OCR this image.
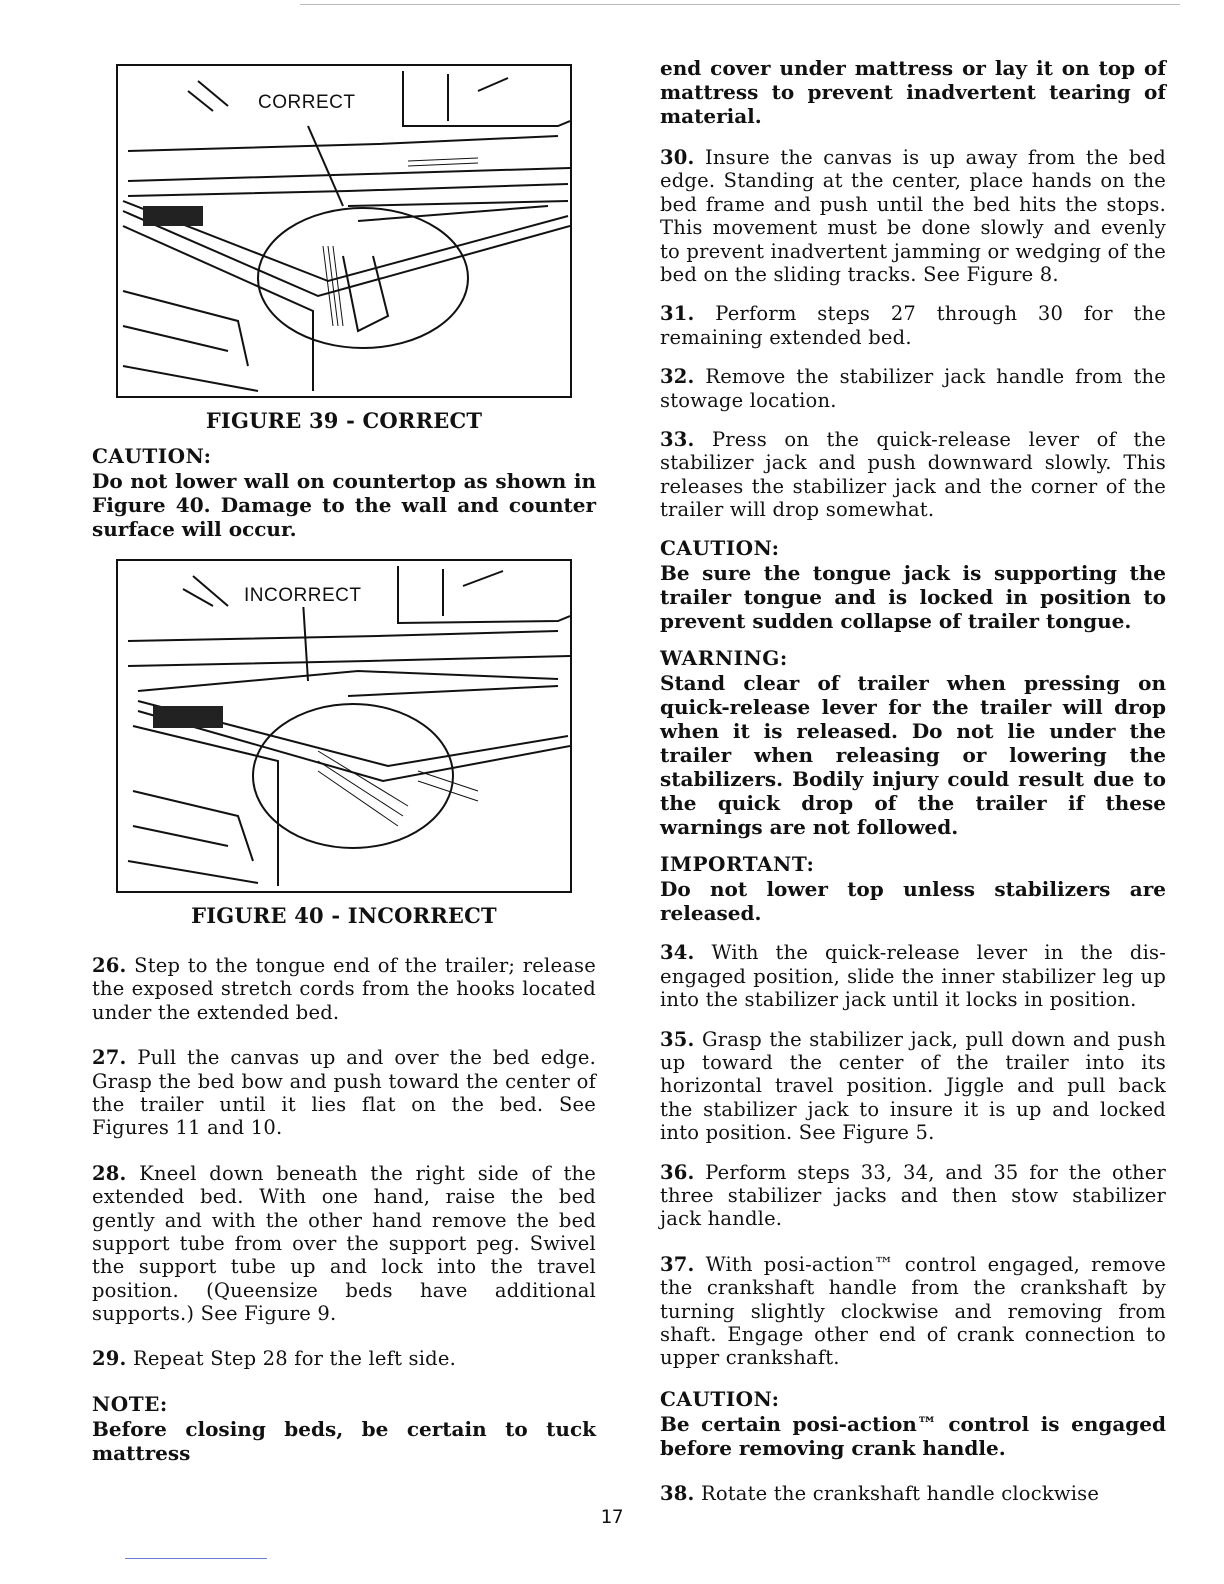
CORRECT
FIGURE 39 - CORRECT

CAUTION:

Do not lower wall on countertop as shown in Figure 40. Damage to the wall and counter surface will occur.

INCORRECT
FIGURE 40 - INCORRECT

26. Step to the tongue end of the trailer; release the exposed stretch cords from the hooks located under the extended bed.

27. Pull the canvas up and over the bed edge. Grasp the bed bow and push toward the center of the trailer until it lies flat on the bed. See Figures 11 and 10.

28. Kneel down beneath the right side of the extended bed. With one hand, raise the bed gently and with the other hand remove the bed support tube from over the support peg. Swivel the support tube up and lock into the travel position. (Queensize beds have additional supports.) See Figure 9.

29. Repeat Step 28 for the left side.

NOTE:

Before closing beds, be certain to tuck mattress

end cover under mattress or lay it on top of mattress to prevent inadvertent tearing of material.

30. Insure the canvas is up away from the bed edge. Standing at the center, place hands on the bed frame and push until the bed hits the stops. This movement must be done slowly and evenly to prevent inadvertent jamming or wedging of the bed on the sliding tracks. See Figure 8.

31. Perform steps 27 through 30 for the remaining extended bed.

32. Remove the stabilizer jack handle from the stowage location.

33. Press on the quick-release lever of the stabilizer jack and push downward slowly. This releases the stabilizer jack and the corner of the trailer will drop somewhat.

CAUTION:

Be sure the tongue jack is supporting the trailer tongue and is locked in position to prevent sudden collapse of trailer tongue.

WARNING:

Stand clear of trailer when pressing on quick-release lever for the trailer will drop when it is released. Do not lie under the trailer when releasing or lowering the stabilizers. Bodily injury could result due to the quick drop of the trailer if these warnings are not followed.

IMPORTANT:

Do not lower top unless stabilizers are released.

34. With the quick-release lever in the dis-engaged position, slide the inner stabilizer leg up into the stabilizer jack until it locks in position.

35. Grasp the stabilizer jack, pull down and push up toward the center of the trailer into its horizontal travel position. Jiggle and pull back the stabilizer jack to insure it is up and locked into position. See Figure 5.

36. Perform steps 33, 34, and 35 for the other three stabilizer jacks and then stow stabilizer jack handle.

37. With posi-action™ control engaged, remove the crankshaft handle from the crankshaft by turning slightly clockwise and removing from shaft. Engage other end of crank connection to upper crankshaft.

CAUTION:

Be certain posi-action™ control is engaged before removing crank handle.

38. Rotate the crankshaft handle clockwise

17
